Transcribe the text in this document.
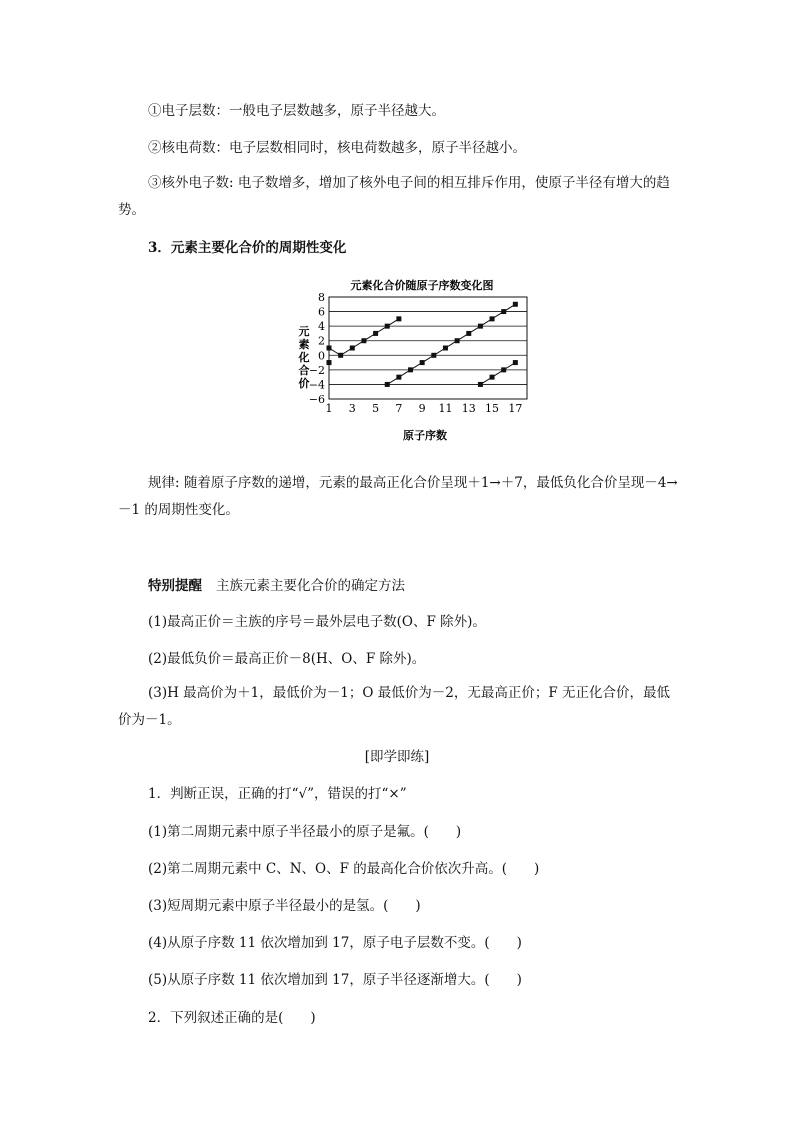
①电子层数：一般电子层数越多，原子半径越大。
②核电荷数：电子层数相同时，核电荷数越多，原子半径越小。
③核外电子数: 电子数增多，增加了核外电子间的相互排斥作用，使原子半径有增大的趋势。
3．元素主要化合价的周期性变化
元素化合价随原子序数变化图
−6
−4
−2
0
2
4
6
8
1 3 5 7 9 11 13 15 17
元
素
化
合
价
原子序数
规律: 随着原子序数的递增，元素的最高正化合价呈现＋1→＋7，最低负化合价呈现－4→－1 的周期性变化。
特别提醒 主族元素主要化合价的确定方法
(1)最高正价＝主族的序号＝最外层电子数(O、F 除外)。
(2)最低负价＝最高正价－8(H、O、F 除外)。
(3)H 最高价为＋1，最低价为－1；O 最低价为－2，无最高正价；F 无正化合价，最低价为－1。
[即学即练]
1．判断正误，正确的打“√”，错误的打“×”
(1)第二周期元素中原子半径最小的原子是氟。(　　)
(2)第二周期元素中 C、N、O、F 的最高化合价依次升高。(　　)
(3)短周期元素中原子半径最小的是氢。(　　)
(4)从原子序数 11 依次增加到 17，原子电子层数不变。(　　)
(5)从原子序数 11 依次增加到 17，原子半径逐渐增大。(　　)
2．下列叙述正确的是(　　)
